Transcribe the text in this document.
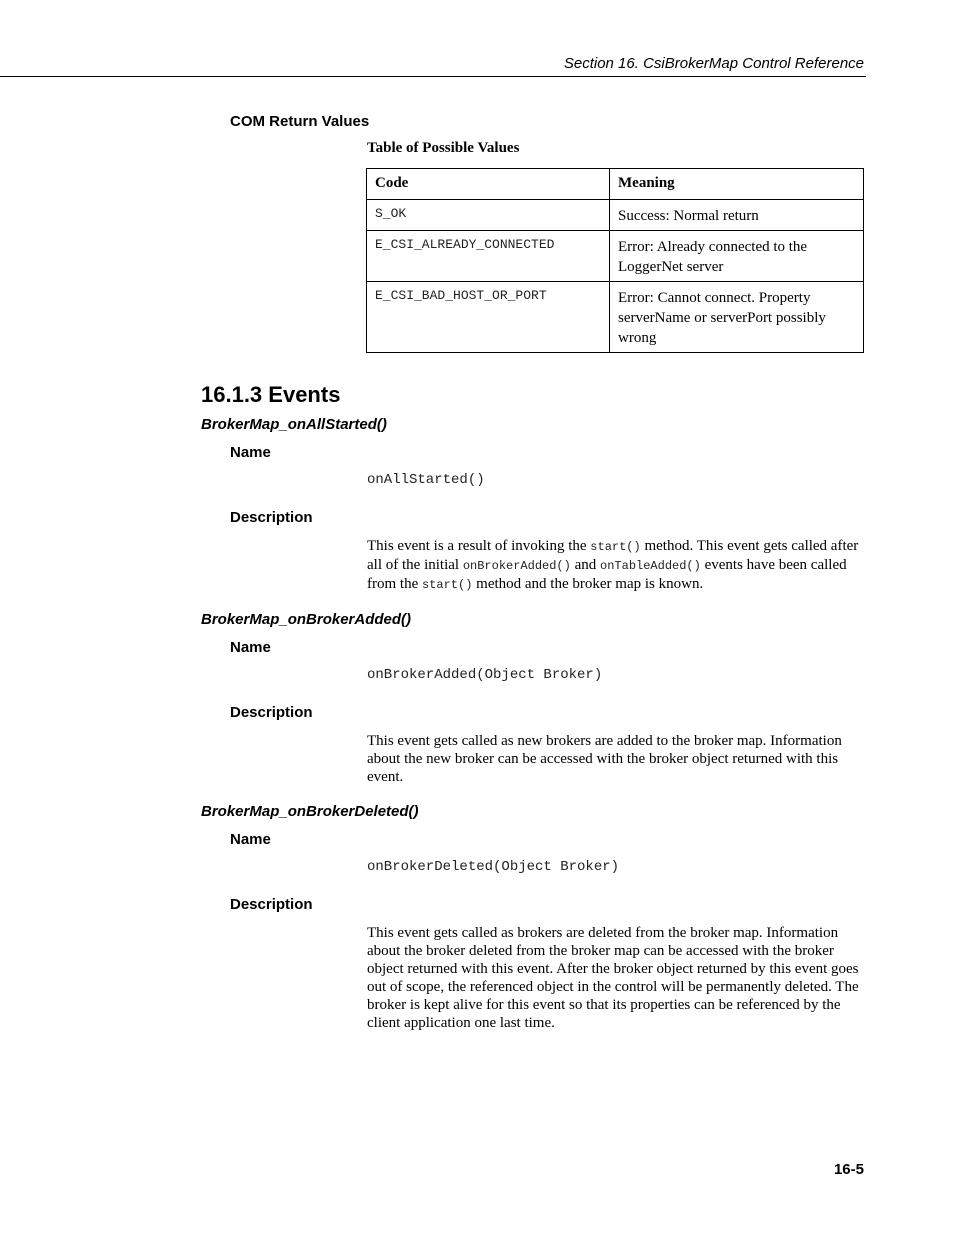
Section 16. CsiBrokerMap Control Reference
COM Return Values
Table of Possible Values
Code	Meaning
S_OK	Success: Normal return
E_CSI_ALREADY_CONNECTED	Error: Already connected to the LoggerNet server
E_CSI_BAD_HOST_OR_PORT	Error: Cannot connect. Property serverName or serverPort possibly wrong
16.1.3 Events
BrokerMap_onAllStarted()
Name
onAllStarted()
Description
This event is a result of invoking the start() method. This event gets called after all of the initial onBrokerAdded() and onTableAdded() events have been called from the start() method and the broker map is known.
BrokerMap_onBrokerAdded()
Name
onBrokerAdded(Object Broker)
Description
This event gets called as new brokers are added to the broker map. Information about the new broker can be accessed with the broker object returned with this event.
BrokerMap_onBrokerDeleted()
Name
onBrokerDeleted(Object Broker)
Description
This event gets called as brokers are deleted from the broker map. Information about the broker deleted from the broker map can be accessed with the broker object returned with this event. After the broker object returned by this event goes out of scope, the referenced object in the control will be permanently deleted. The broker is kept alive for this event so that its properties can be referenced by the client application one last time.
16-5
